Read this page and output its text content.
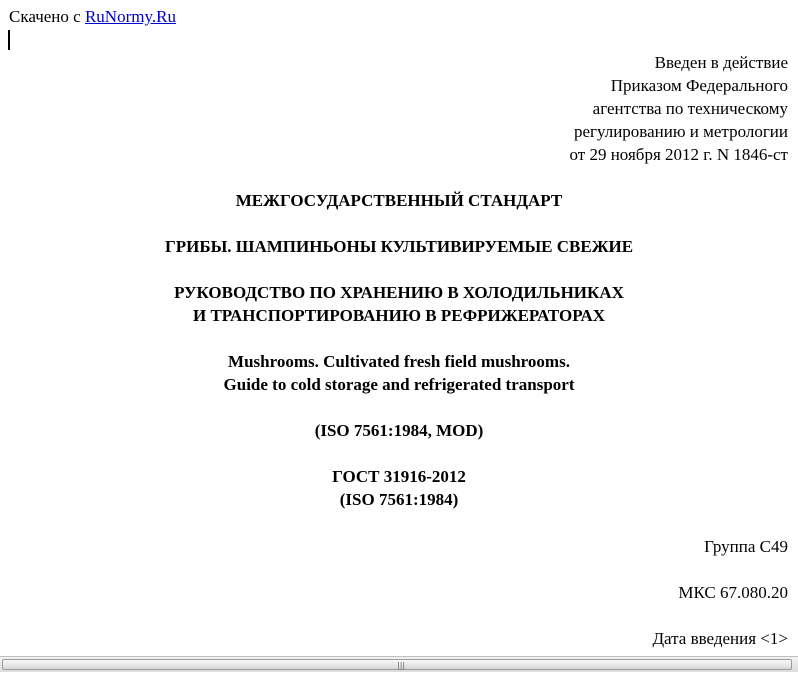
Скачено с RuNormy.Ru
Введен в действие
Приказом Федерального
агентства по техническому
регулированию и метрологии
от 29 ноября 2012 г. N 1846-ст
МЕЖГОСУДАРСТВЕННЫЙ СТАНДАРТ
ГРИБЫ. ШАМПИНЬОНЫ КУЛЬТИВИРУЕМЫЕ СВЕЖИЕ
РУКОВОДСТВО ПО ХРАНЕНИЮ В ХОЛОДИЛЬНИКАХ
И ТРАНСПОРТИРОВАНИЮ В РЕФРИЖЕРАТОРАХ
Mushrooms. Cultivated fresh field mushrooms.
Guide to cold storage and refrigerated transport
(ISO 7561:1984, MOD)
ГОСТ 31916-2012
(ISO 7561:1984)
Группа C49
МКС 67.080.20
Дата введения <1>
|||
